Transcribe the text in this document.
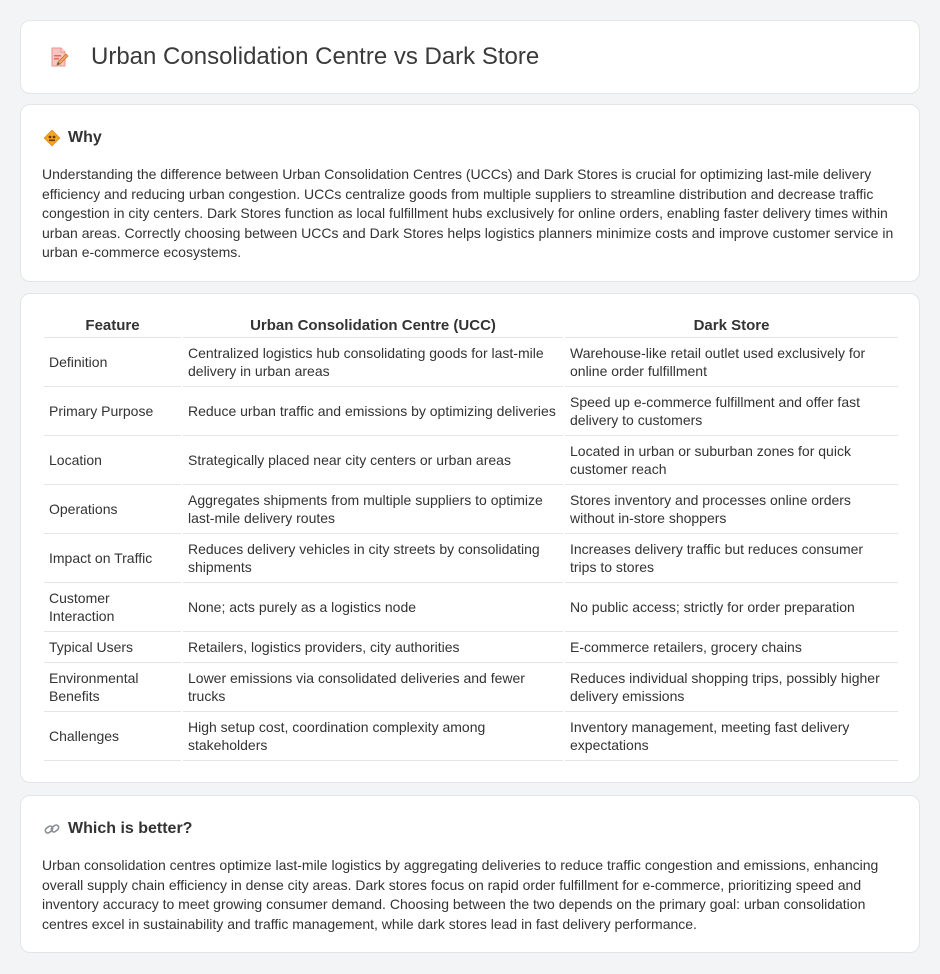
Urban Consolidation Centre vs Dark Store
Why

Understanding the difference between Urban Consolidation Centres (UCCs) and Dark Stores is crucial for optimizing last-mile delivery efficiency and reducing urban congestion. UCCs centralize goods from multiple suppliers to streamline distribution and decrease traffic congestion in city centers. Dark Stores function as local fulfillment hubs exclusively for online orders, enabling faster delivery times within urban areas. Correctly choosing between UCCs and Dark Stores helps logistics planners minimize costs and improve customer service in urban e-commerce ecosystems.

Feature	Urban Consolidation Centre (UCC)	Dark Store
Definition	Centralized logistics hub consolidating goods for last-mile delivery in urban areas	Warehouse-like retail outlet used exclusively for online order fulfillment
Primary Purpose	Reduce urban traffic and emissions by optimizing deliveries	Speed up e-commerce fulfillment and offer fast delivery to customers
Location	Strategically placed near city centers or urban areas	Located in urban or suburban zones for quick customer reach
Operations	Aggregates shipments from multiple suppliers to optimize last-mile delivery routes	Stores inventory and processes online orders without in-store shoppers
Impact on Traffic	Reduces delivery vehicles in city streets by consolidating shipments	Increases delivery traffic but reduces consumer trips to stores
Customer Interaction	None; acts purely as a logistics node	No public access; strictly for order preparation
Typical Users	Retailers, logistics providers, city authorities	E-commerce retailers, grocery chains
Environmental Benefits	Lower emissions via consolidated deliveries and fewer trucks	Reduces individual shopping trips, possibly higher delivery emissions
Challenges	High setup cost, coordination complexity among stakeholders	Inventory management, meeting fast delivery expectations
Which is better?

Urban consolidation centres optimize last-mile logistics by aggregating deliveries to reduce traffic congestion and emissions, enhancing overall supply chain efficiency in dense city areas. Dark stores focus on rapid order fulfillment for e-commerce, prioritizing speed and inventory accuracy to meet growing consumer demand. Choosing between the two depends on the primary goal: urban consolidation centres excel in sustainability and traffic management, while dark stores lead in fast delivery performance.
